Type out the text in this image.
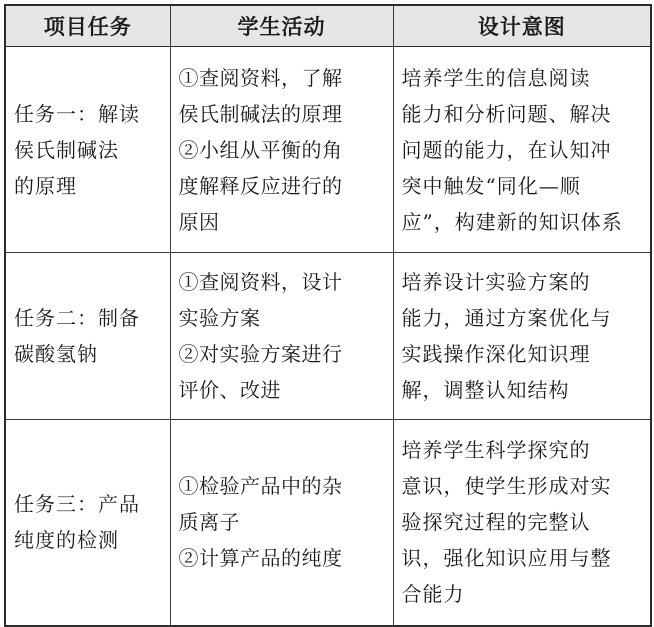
项目任务	学生活动	设计意图

任务一：解读
侯氏制碱法
的原理	①查阅资料，了解
侯氏制碱法的原理
②小组从平衡的角
度解释反应进行的
原因	培养学生的信息阅读
能力和分析问题、解决
问题的能力，在认知冲
突中触发“同化—顺
应”，构建新的知识体系

任务二：制备
碳酸氢钠	①查阅资料，设计
实验方案
②对实验方案进行
评价、改进	培养设计实验方案的
能力，通过方案优化与
实践操作深化知识理
解，调整认知结构

任务三：产品
纯度的检测	①检验产品中的杂
质离子
②计算产品的纯度	培养学生科学探究的
意识，使学生形成对实
验探究过程的完整认
识，强化知识应用与整
合能力
